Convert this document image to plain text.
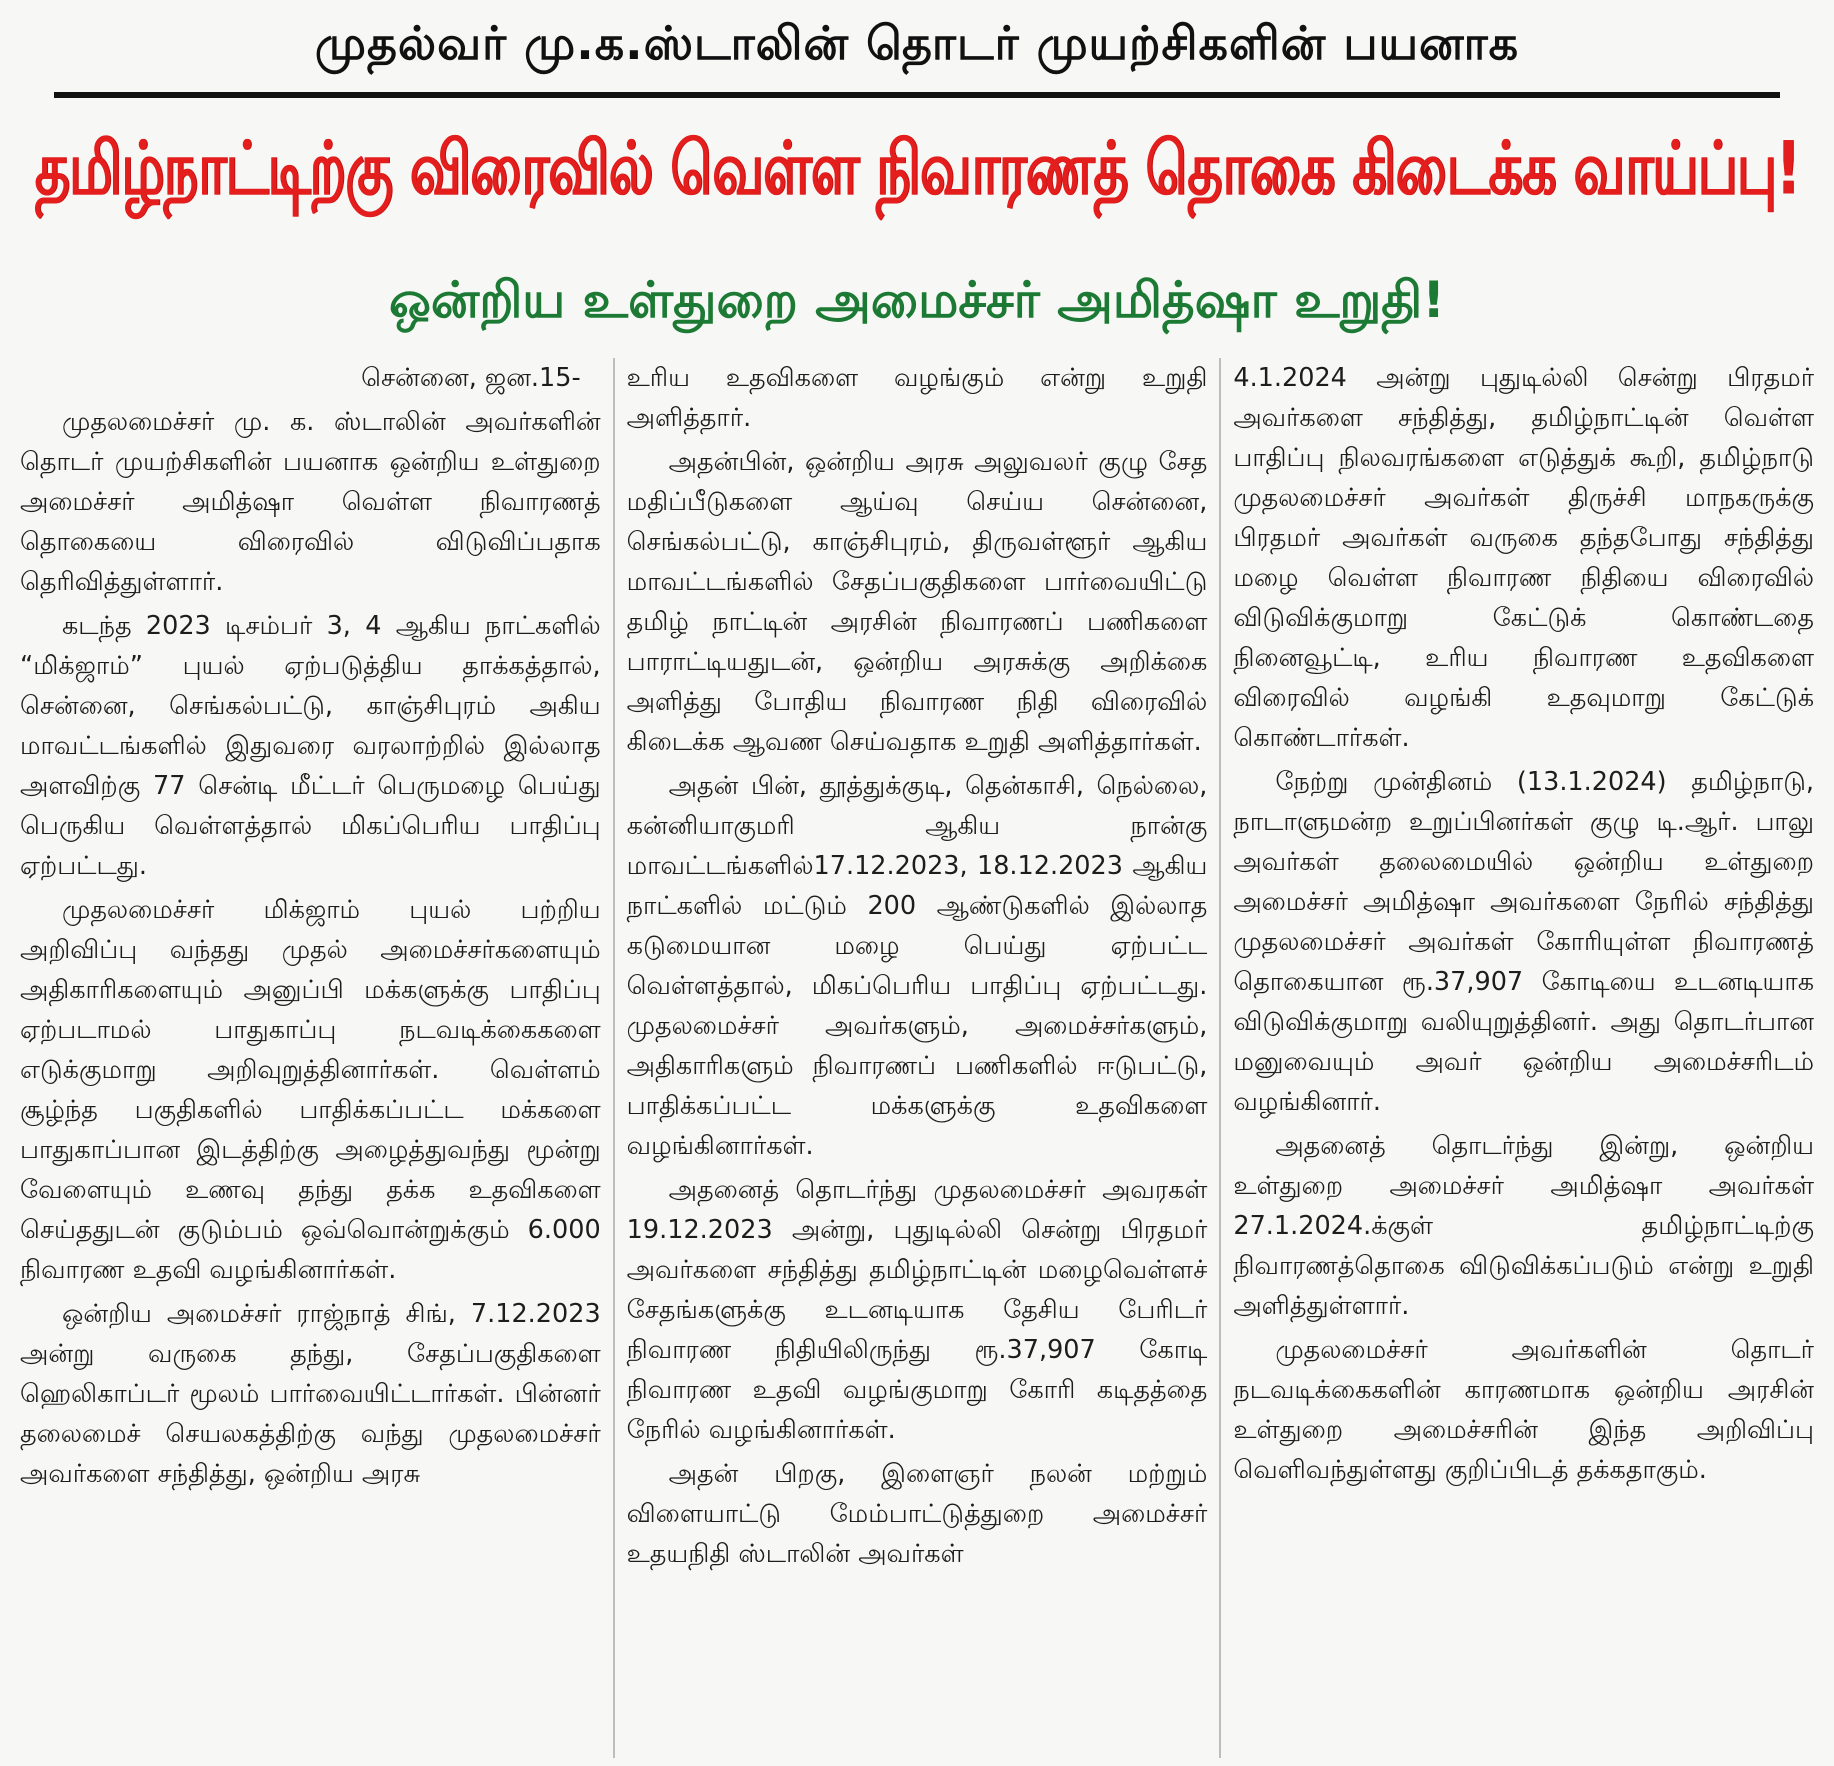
முதல்வர் மு.க.ஸ்டாலின் தொடர் முயற்சிகளின் பயனாக
தமிழ்நாட்டிற்கு விரைவில் வெள்ள நிவாரணத் தொகை கிடைக்க வாய்ப்பு!
ஒன்றிய உள்துறை அமைச்சர் அமித்ஷா உறுதி!

சென்னை, ஜன.15-

முதலமைச்சர் மு. க. ஸ்டாலின் அவர்களின் தொடர் முயற்சிகளின் பயனாக ஒன்றிய உள்துறை அமைச்சர் அமித்ஷா வெள்ள நிவாரணத் தொகையை விரைவில் விடுவிப்பதாக தெரிவித்துள்ளார்.

கடந்த 2023 டிசம்பர் 3, 4 ஆகிய நாட்களில் “மிக்ஜாம்” புயல் ஏற்படுத்திய தாக்கத்தால், சென்னை, செங்கல்பட்டு, காஞ்சிபுரம் அகிய மாவட்டங்களில் இதுவரை வரலாற்றில் இல்லாத அளவிற்கு 77 சென்டி மீட்டர் பெருமழை பெய்து பெருகிய வெள்ளத்தால் மிகப்பெரிய பாதிப்பு ஏற்பட்டது.

முதலமைச்சர் மிக்ஜாம் புயல் பற்றிய அறிவிப்பு வந்தது முதல் அமைச்சர்களையும் அதிகாரிகளையும் அனுப்பி மக்களுக்கு பாதிப்பு ஏற்படாமல் பாதுகாப்பு நடவடிக்கைகளை எடுக்குமாறு அறிவுறுத்தினார்கள். வெள்ளம் சூழ்ந்த பகுதிகளில் பாதிக்கப்பட்ட மக்களை பாதுகாப்பான இடத்திற்கு அழைத்துவந்து மூன்று வேளையும் உணவு தந்து தக்க உதவிகளை செய்ததுடன் குடும்பம் ஒவ்வொன்றுக்கும் 6.000 நிவாரண உதவி வழங்கினார்கள்.

ஒன்றிய அமைச்சர் ராஜ்நாத் சிங், 7.12.2023 அன்று வருகை தந்து, சேதப்பகுதிகளை ஹெலிகாப்டர் மூலம் பார்வையிட்டார்கள். பின்னர் தலைமைச் செயலகத்திற்கு வந்து முதலமைச்சர் அவர்களை சந்தித்து, ஒன்றிய அரசு

உரிய உதவிகளை வழங்கும் என்று உறுதி அளித்தார்.

அதன்பின், ஒன்றிய அரசு அலுவலர் குழு சேத மதிப்பீடுகளை ஆய்வு செய்ய சென்னை, செங்கல்பட்டு, காஞ்சிபுரம், திருவள்ளூர் ஆகிய மாவட்டங்களில் சேதப்பகுதிகளை பார்வையிட்டு தமிழ் நாட்டின் அரசின் நிவாரணப் பணிகளை பாராட்டியதுடன், ஒன்றிய அரசுக்கு அறிக்கை அளித்து போதிய நிவாரண நிதி விரைவில் கிடைக்க ஆவண செய்வதாக உறுதி அளித்தார்கள்.

அதன் பின், தூத்துக்குடி, தென்காசி, நெல்லை, கன்னியாகுமரி ஆகிய நான்கு மாவட்டங்களில்17.12.2023, 18.12.2023 ஆகிய நாட்களில் மட்டும் 200 ஆண்டுகளில் இல்லாத கடுமையான மழை பெய்து ஏற்பட்ட வெள்ளத்தால், மிகப்பெரிய பாதிப்பு ஏற்பட்டது. முதலமைச்சர் அவர்களும், அமைச்சர்களும், அதிகாரிகளும் நிவாரணப் பணிகளில் ஈடுபட்டு, பாதிக்கப்பட்ட மக்களுக்கு உதவிகளை வழங்கினார்கள்.

அதனைத் தொடர்ந்து முதலமைச்சர் அவரகள் 19.12.2023 அன்று, புதுடில்லி சென்று பிரதமர் அவர்களை சந்தித்து தமிழ்நாட்டின் மழைவெள்ளச் சேதங்களுக்கு உடனடியாக தேசிய பேரிடர் நிவாரண நிதியிலிருந்து ரூ.37,907 கோடி நிவாரண உதவி வழங்குமாறு கோரி கடிதத்தை நேரில் வழங்கினார்கள்.

அதன் பிறகு, இளைஞர் நலன் மற்றும் விளையாட்டு மேம்பாட்டுத்துறை அமைச்சர் உதயநிதி ஸ்டாலின் அவர்கள்

4.1.2024 அன்று புதுடில்லி சென்று பிரதமர் அவர்களை சந்தித்து, தமிழ்நாட்டின் வெள்ள பாதிப்பு நிலவரங்களை எடுத்துக் கூறி, தமிழ்நாடு முதலமைச்சர் அவர்கள் திருச்சி மாநகருக்கு பிரதமர் அவர்கள் வருகை தந்தபோது சந்தித்து மழை வெள்ள நிவாரண நிதியை விரைவில் விடுவிக்குமாறு கேட்டுக் கொண்டதை நினைவூட்டி, உரிய நிவாரண உதவிகளை விரைவில் வழங்கி உதவுமாறு கேட்டுக் கொண்டார்கள்.

நேற்று முன்தினம் (13.1.2024) தமிழ்நாடு, நாடாளுமன்ற உறுப்பினர்கள் குழு டி.ஆர். பாலு அவர்கள் தலைமையில் ஒன்றிய உள்துறை அமைச்சர் அமித்ஷா அவர்களை நேரில் சந்தித்து முதலமைச்சர் அவர்கள் கோரியுள்ள நிவாரணத் தொகையான ரூ.37,907 கோடியை உடனடியாக விடுவிக்குமாறு வலியுறுத்தினர். அது தொடர்பான மனுவையும் அவர் ஒன்றிய அமைச்சரிடம் வழங்கினார்.

அதனைத் தொடர்ந்து இன்று, ஒன்றிய உள்துறை அமைச்சர் அமித்ஷா அவர்கள் 27.1.2024.க்குள் தமிழ்நாட்டிற்கு நிவாரணத்தொகை விடுவிக்கப்படும் என்று உறுதி அளித்துள்ளார்.

முதலமைச்சர் அவர்களின் தொடர் நடவடிக்கைகளின் காரணமாக ஒன்றிய அரசின் உள்துறை அமைச்சரின் இந்த அறிவிப்பு வெளிவந்துள்ளது குறிப்பிடத் தக்கதாகும்.
